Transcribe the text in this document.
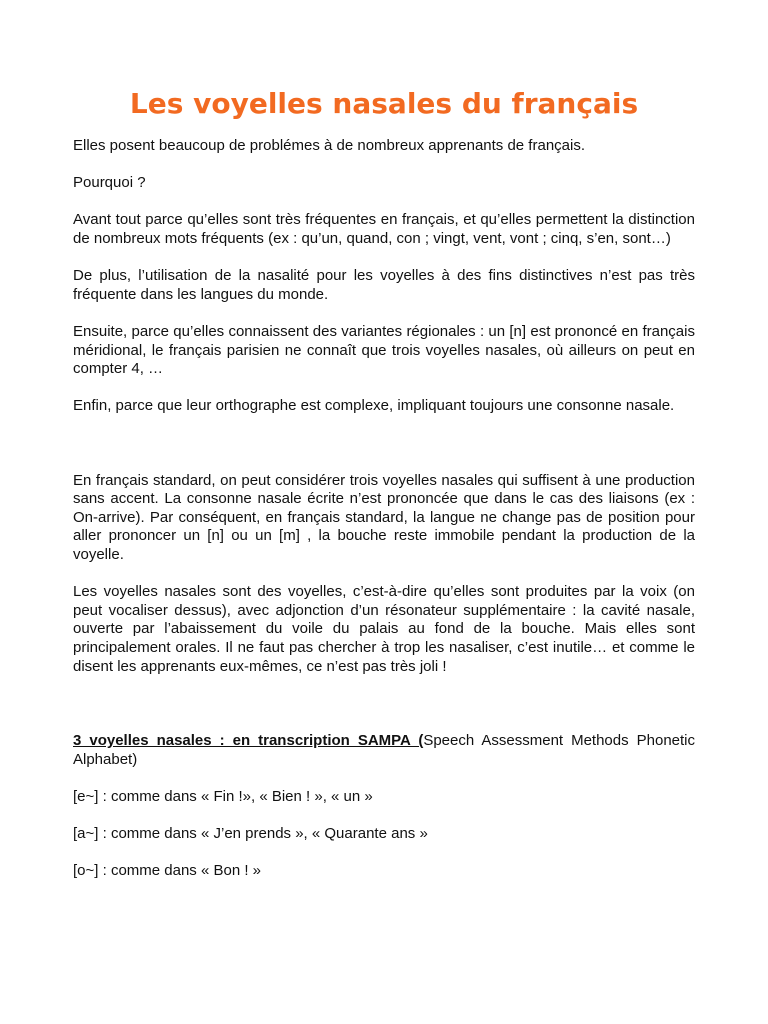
Les voyelles nasales du français

Elles posent beaucoup de problémes à de nombreux apprenants de français.

Pourquoi ?

Avant tout parce qu’elles sont très fréquentes en français, et qu’elles permettent la distinction de nombreux mots fréquents (ex : qu’un, quand, con ; vingt, vent, vont ; cinq, s’en, sont…)

De plus, l’utilisation de la nasalité pour les voyelles à des fins distinctives n’est pas très fréquente dans les langues du monde.

Ensuite, parce qu’elles connaissent des variantes régionales : un [n] est prononcé en français méridional, le français parisien ne connaît que trois voyelles nasales, où ailleurs on peut en compter 4, …

Enfin, parce que leur orthographe est complexe, impliquant toujours une consonne nasale.

En français standard, on peut considérer trois voyelles nasales qui suffisent à une production sans accent. La consonne nasale écrite n’est prononcée que dans le cas des liaisons (ex : On-arrive). Par conséquent, en français standard, la langue ne change pas de position pour aller prononcer un [n] ou un [m] , la bouche reste immobile pendant la production de la voyelle.

Les voyelles nasales sont des voyelles, c’est-à-dire qu’elles sont produites par la voix (on peut vocaliser dessus), avec adjonction d’un résonateur supplémentaire : la cavité nasale, ouverte par l’abaissement du voile du palais au fond de la bouche. Mais elles sont principalement orales. Il ne faut pas chercher à trop les nasaliser, c’est inutile… et comme le disent les apprenants eux-mêmes, ce n’est pas très joli !

3 voyelles nasales : en transcription SAMPA (Speech Assessment Methods Phonetic Alphabet)

[e~] : comme dans « Fin !», « Bien ! », « un »

[a~] : comme dans « J’en prends », « Quarante ans »

[o~] : comme dans « Bon ! »
